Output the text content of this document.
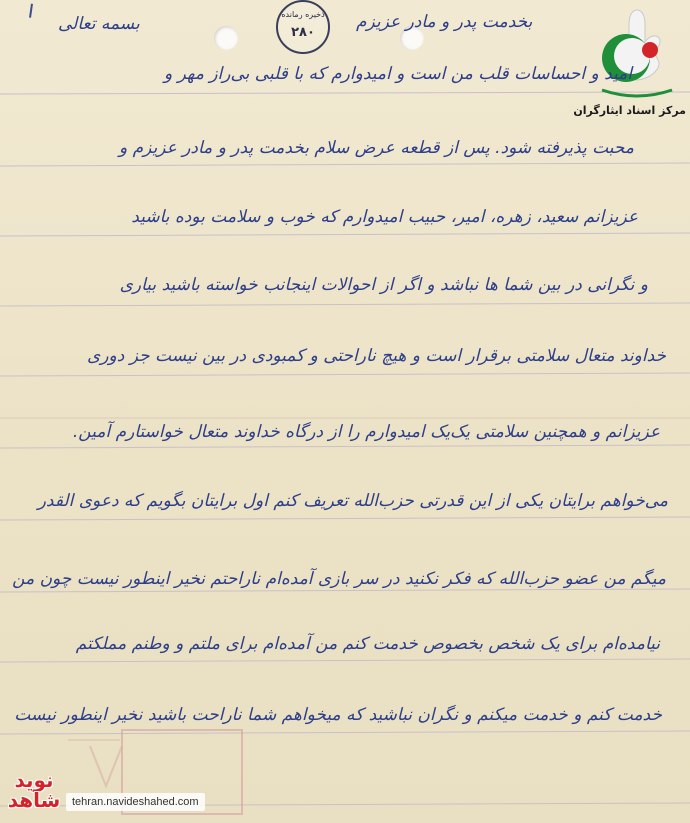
بسمه تعالی	بخدمت پدر و مادر عزیزم
ذخیره رمانده
۲۸۰
مرکز اسناد ایثارگران
امید و احساسات قلب من است و امیدوارم که با قلبی بی‌راز مهر و
محبت پذیرفته شود. پس از قطعه عرض سلام بخدمت پدر و مادر عزیزم و
عزیزانم سعید، زهره، امیر، حبیب امیدوارم که خوب و سلامت بوده باشید
و نگرانی در بین شما ها نباشد و اگر از احوالات اینجانب خواسته باشید بیاری
خداوند متعال سلامتی برقرار است و هیچ ناراحتی و کمبودی در بین نیست جز دوری
عزیزانم و همچنین سلامتی یک‌یک امیدوارم را از درگاه خداوند متعال خواستارم آمین.
می‌خواهم برایتان یکی از این قدرتی حزب‌الله تعریف کنم اول برایتان بگویم که دعوی القدر
میگم من عضو حزب‌الله که فکر نکنید در سر بازی آمده‌ام ناراحتم نخیر اینطور نیست چون من
نیامده‌ام برای یک شخص بخصوص خدمت کنم من آمده‌ام برای ملتم و وطنم مملکتم
خدمت کنم و خدمت میکنم و نگران نباشید که میخواهم شما ناراحت باشید نخیر اینطور نیست
نوید شاهد	tehran.navideshahed.com
